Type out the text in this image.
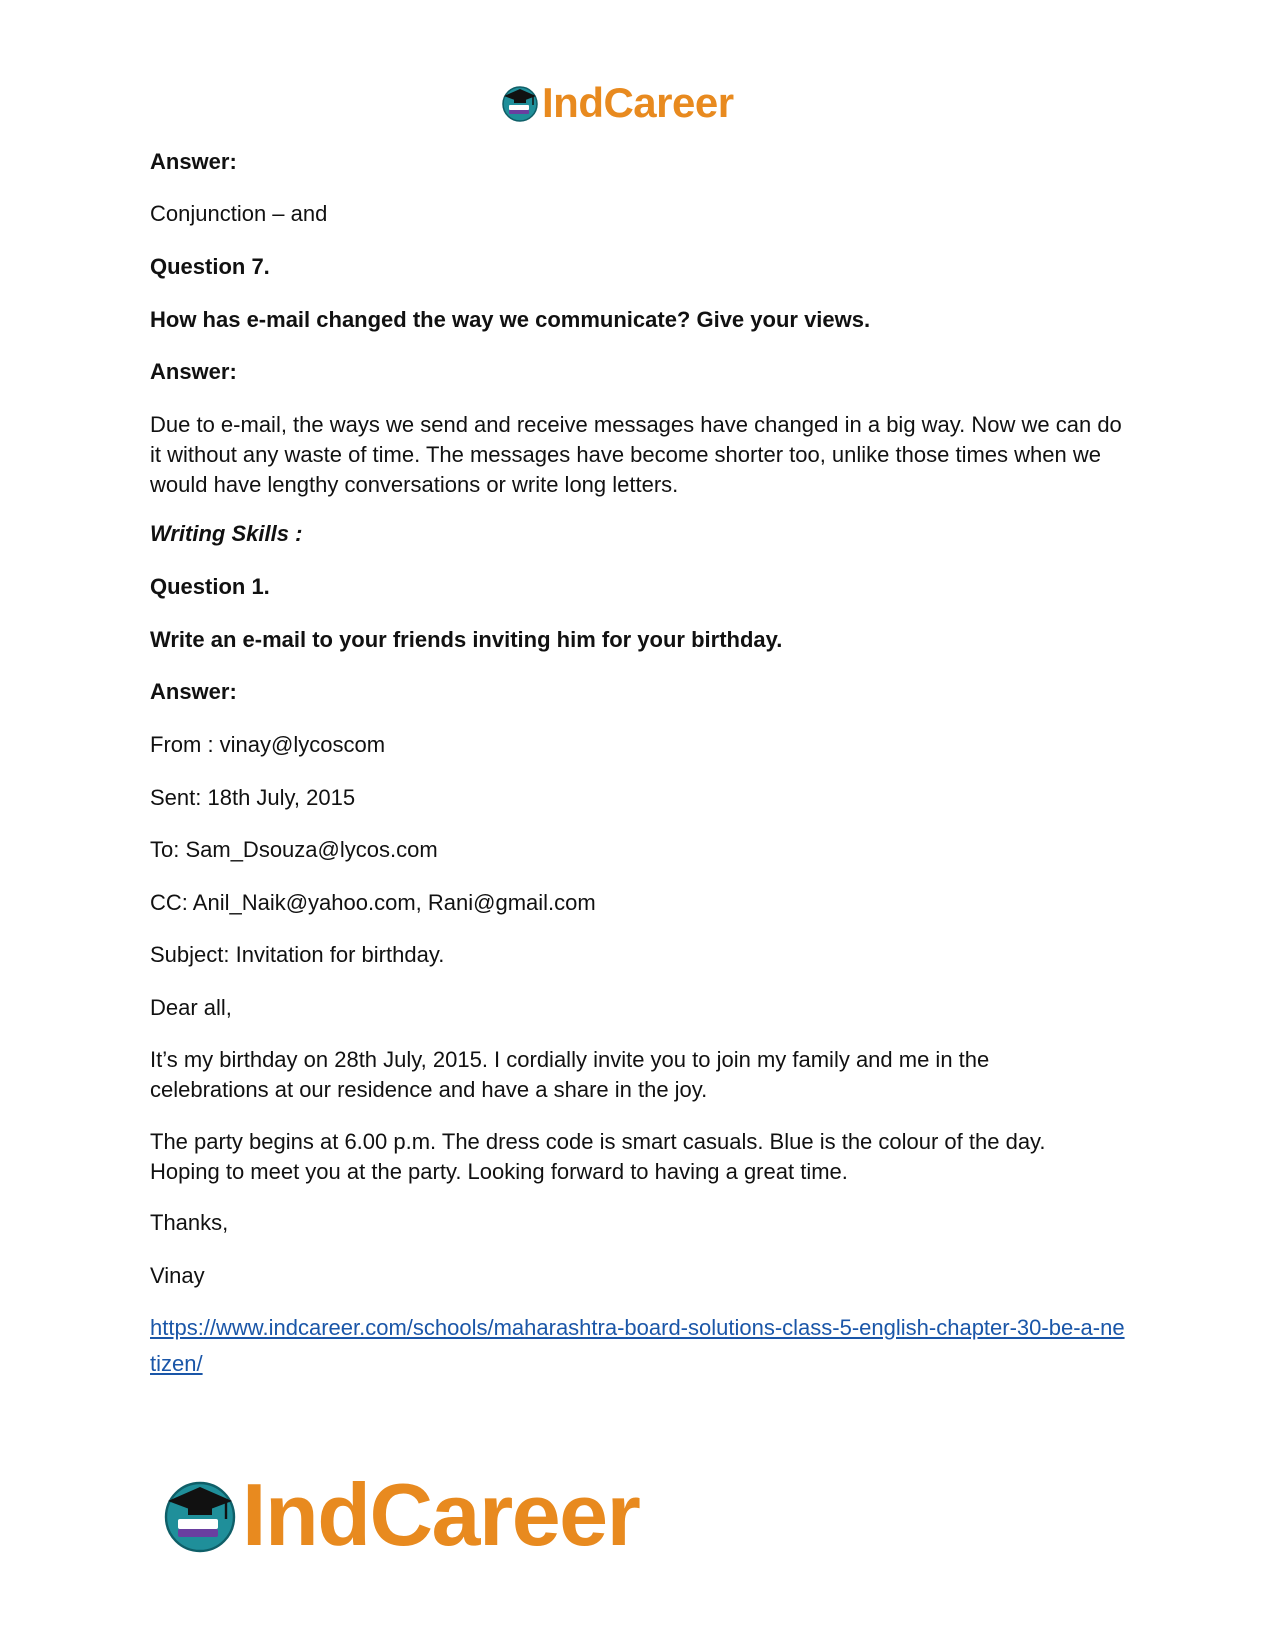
IndCareer

Answer:

Conjunction – and

Question 7.

How has e-mail changed the way we communicate? Give your views.

Answer:

Due to e-mail, the ways we send and receive messages have changed in a big way. Now we can do it without any waste of time. The messages have become shorter too, unlike those times when we would have lengthy conversations or write long letters.

Writing Skills :

Question 1.

Write an e-mail to your friends inviting him for your birthday.

Answer:

From : vinay@lycoscom

Sent: 18th July, 2015

To: Sam_Dsouza@lycos.com

CC: Anil_Naik@yahoo.com, Rani@gmail.com

Subject: Invitation for birthday.

Dear all,

It’s my birthday on 28th July, 2015. I cordially invite you to join my family and me in the celebrations at our residence and have a share in the joy.

The party begins at 6.00 p.m. The dress code is smart casuals. Blue is the colour of the day. Hoping to meet you at the party. Looking forward to having a great time.

Thanks,

Vinay

https://www.indcareer.com/schools/maharashtra-board-solutions-class-5-english-chapter-30-be-a-netizen/

IndCareer
